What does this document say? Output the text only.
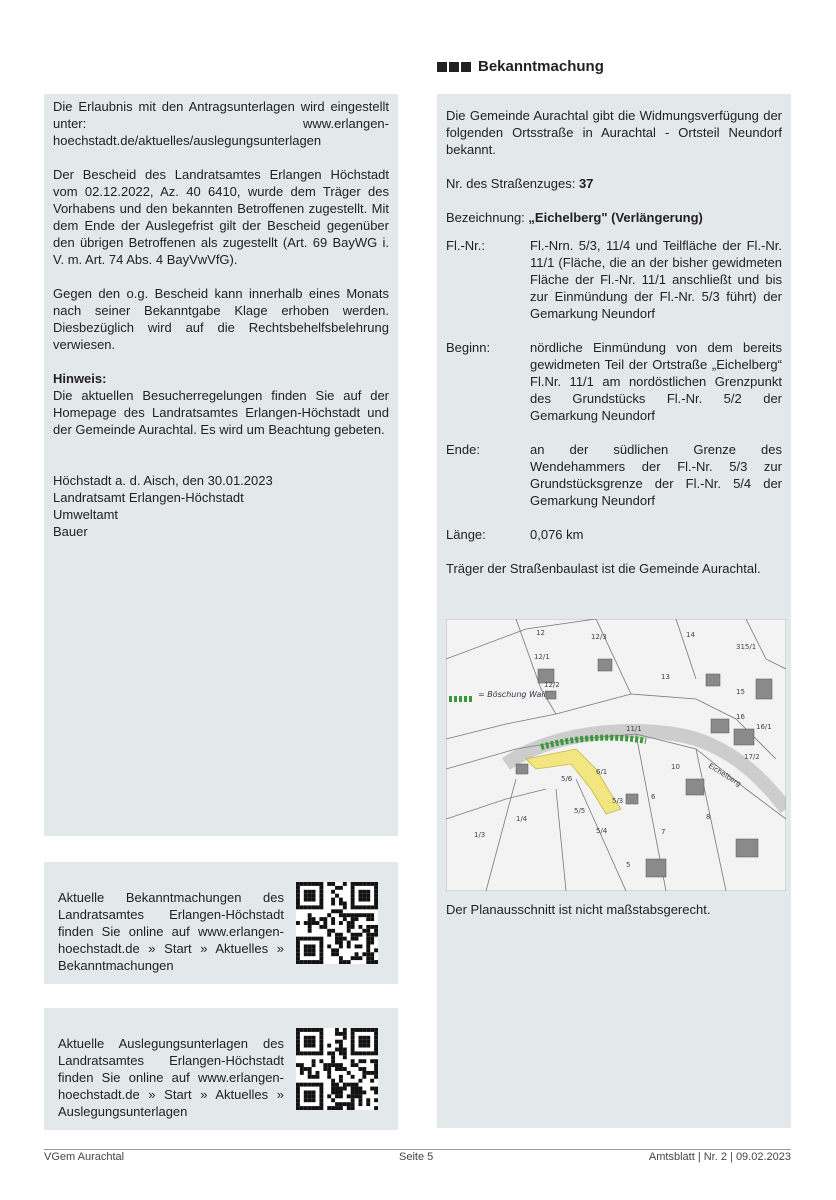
Bekanntmachung

Die Erlaubnis mit den Antragsunterlagen wird eingestellt unter: www.erlangen-hoechstadt.de/aktuelles/auslegungsunterlagen

Der Bescheid des Landratsamtes Erlangen Höchstadt vom 02.12.2022, Az. 40 6410, wurde dem Träger des Vorhabens und den bekannten Betroffenen zugestellt. Mit dem Ende der Auslegefrist gilt der Bescheid gegenüber den übrigen Betroffenen als zugestellt (Art. 69 BayWG i. V. m. Art. 74 Abs. 4 BayVwVfG).

Gegen den o.g. Bescheid kann innerhalb eines Monats nach seiner Bekanntgabe Klage erhoben werden. Diesbezüglich wird auf die Rechtsbehelfsbelehrung verwiesen.

Hinweis:

Die aktuellen Besucherregelungen finden Sie auf der Homepage des Landratsamtes Erlangen-Höchstadt und der Gemeinde Aurachtal. Es wird um Beachtung gebeten.

Höchstadt a. d. Aisch, den 30.01.2023

Landratsamt Erlangen-Höchstadt

Umweltamt

Bauer

Aktuelle Bekanntmachungen des Landratsamtes Erlangen-Höchstadt finden Sie online auf www.erlangen-hoechstadt.de » Start » Aktuelles » Bekanntmachungen

Aktuelle Auslegungsunterlagen des Landratsamtes Erlangen-Höchstadt finden Sie online auf www.erlangen-hoechstadt.de » Start » Aktuelles » Auslegungsunterlagen

Die Gemeinde Aurachtal gibt die Widmungsverfügung der folgenden Ortsstraße in Aurachtal - Ortsteil Neundorf bekannt.

Nr. des Straßenzuges: 37

Bezeichnung: „Eichelberg" (Verlängerung)

Fl.-Nr.:	Fl.-Nrn. 5/3, 11/4 und Teilfläche der Fl.-Nr. 11/1 (Fläche, die an der bisher gewidmeten Fläche der Fl.-Nr. 11/1 anschließt und bis zur Einmündung der Fl.-Nr. 5/3 führt) der Gemarkung Neundorf
Beginn:	nördliche Einmündung von dem bereits gewidmeten Teil der Ortstraße „Eichelberg“ Fl.Nr. 11/1 am nordöstlichen Grenzpunkt des Grundstücks Fl.-Nr. 5/2 der Gemarkung Neundorf
Ende:	an der südlichen Grenze des Wendehammers der Fl.-Nr. 5/3 zur Grundstücksgrenze der Fl.-Nr. 5/4 der Gemarkung Neundorf
Länge:	0,076 km

Träger der Straßenbaulast ist die Gemeinde Aurachtal.

= Böschung Wall
12	12/3	14
315/1
12/1
12/2
13
15
16
11/1	16/1
17/2
5/6
6/1
10
5/3	6
1/3
1/4
5/5
5/4	7
8
5
Eichelberg

Der Planausschnitt ist nicht maßstabsgerecht.

VGem Aurachtal	Seite 5	Amtsblatt | Nr. 2 | 09.02.2023
